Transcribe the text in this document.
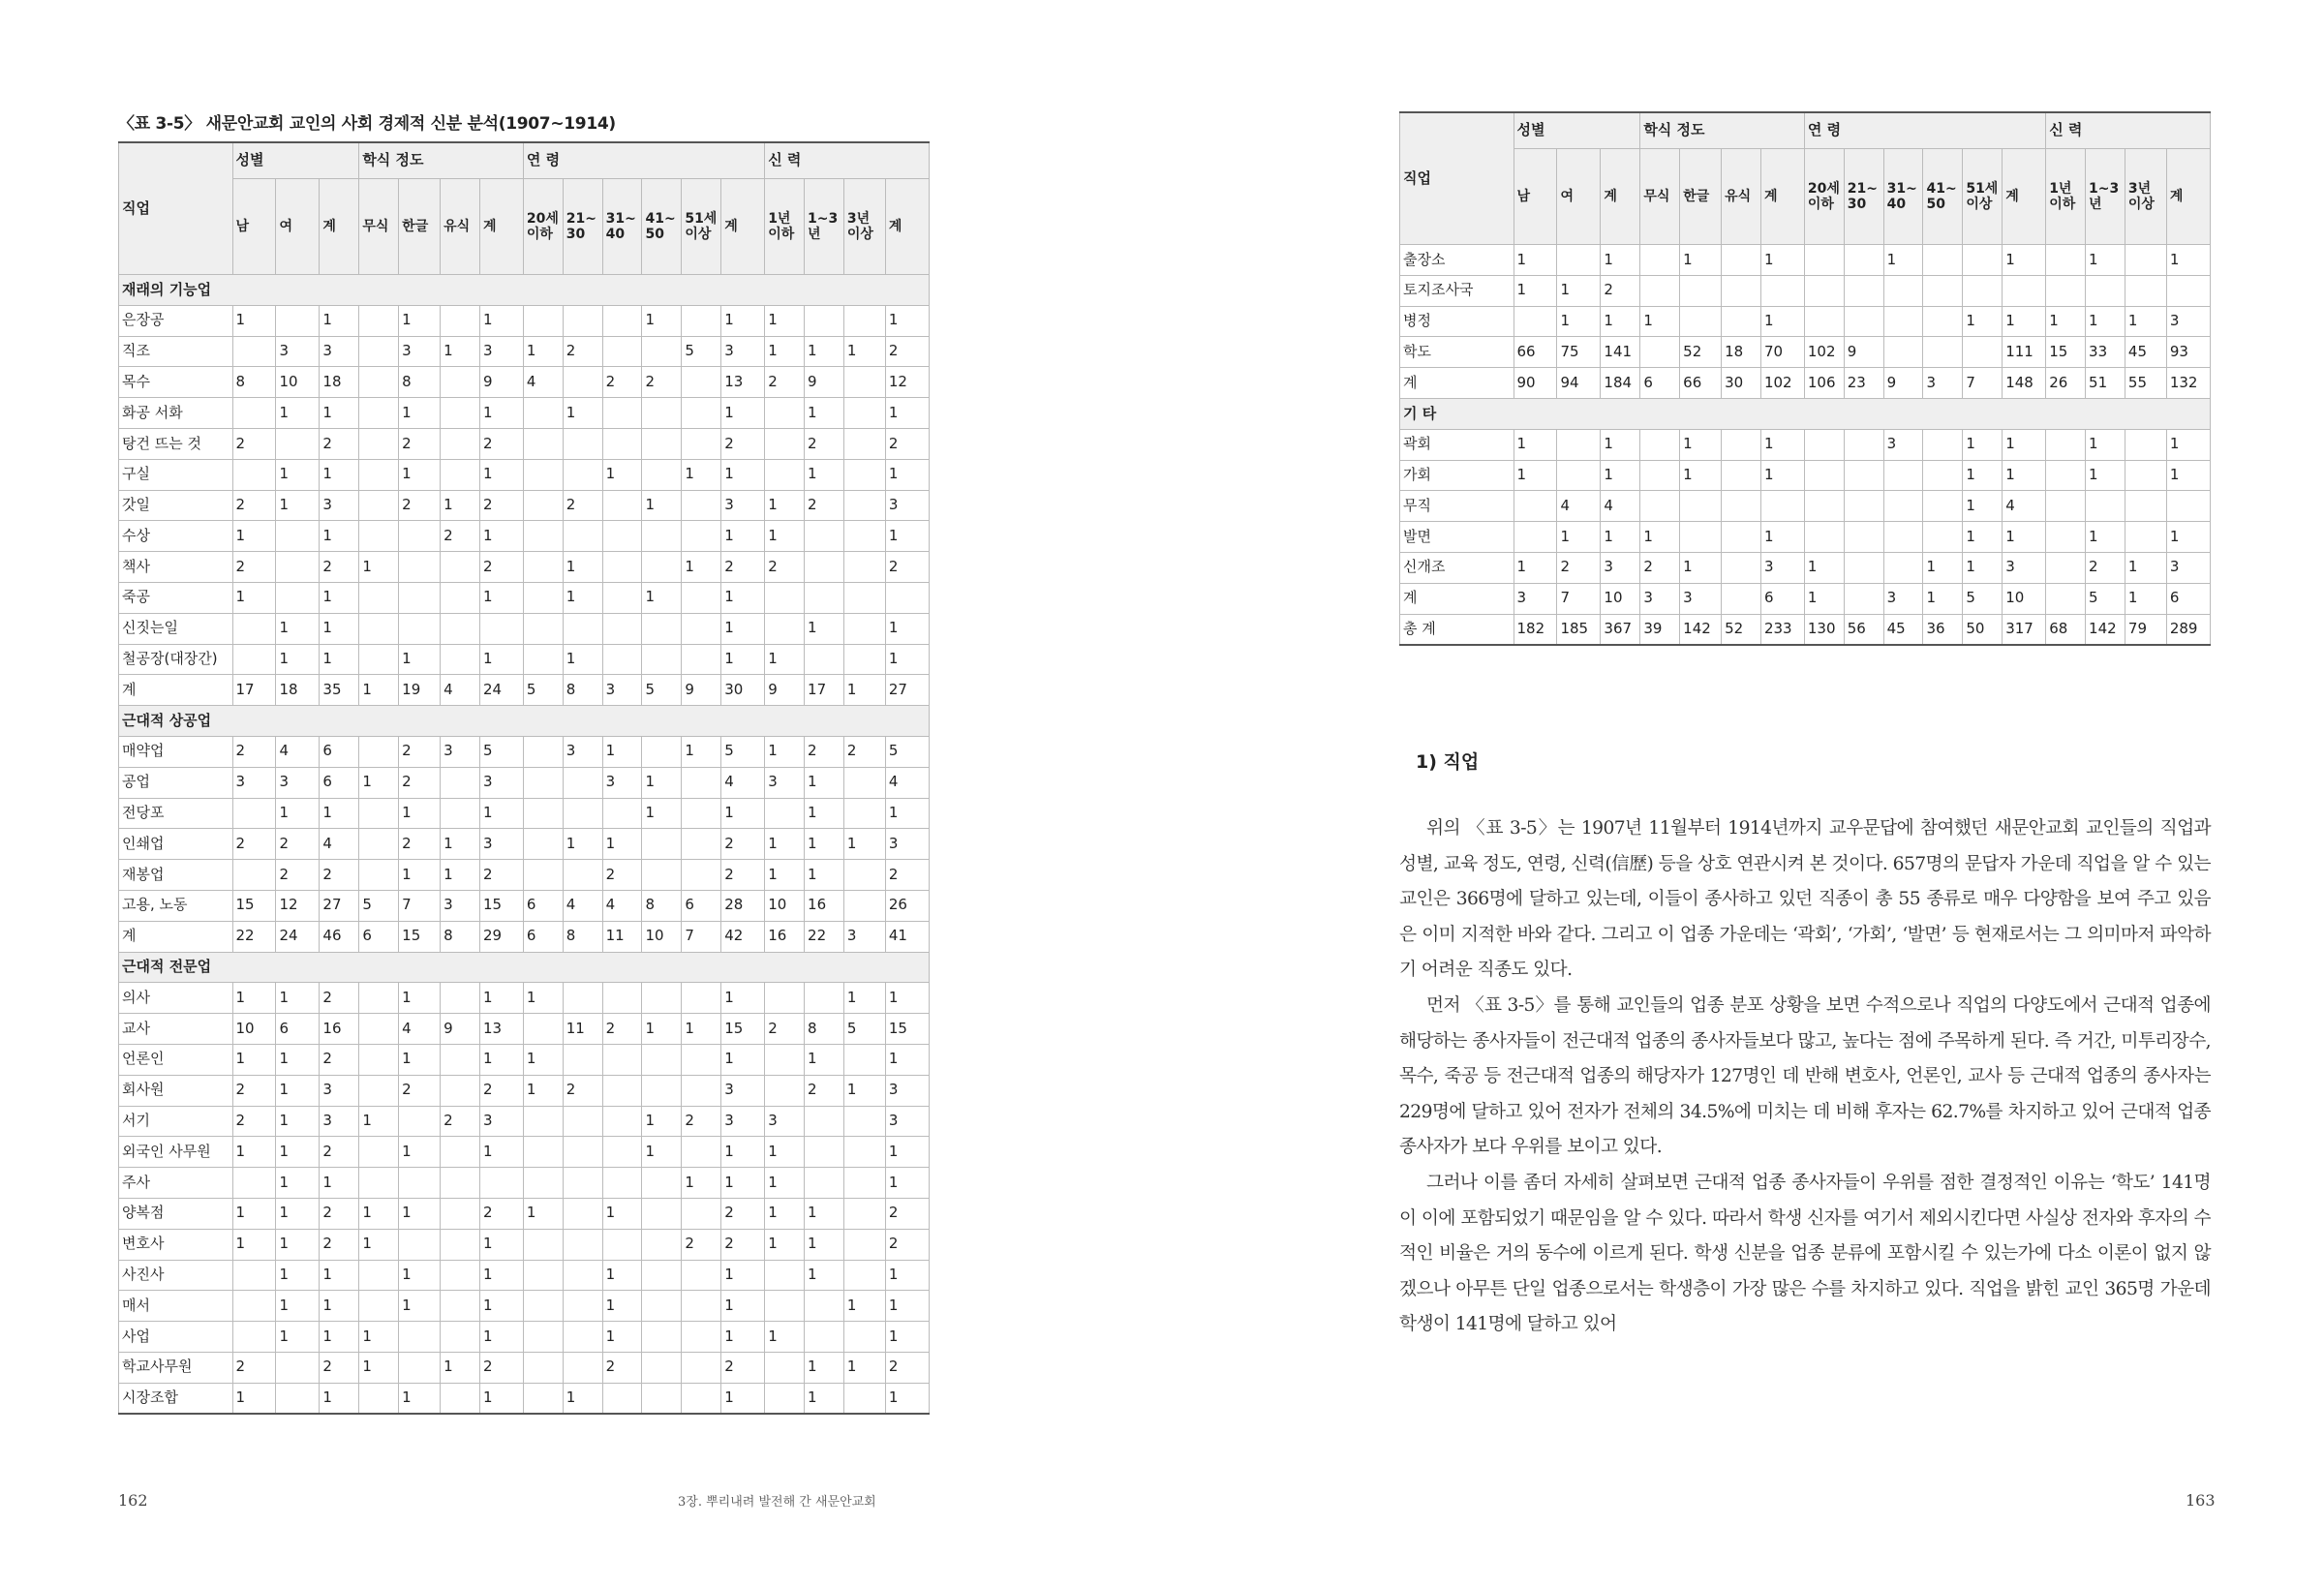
〈표 3-5〉 새문안교회 교인의 사회 경제적 신분 분석(1907~1914)
직업	성별			학식 정도				연 령						신 력			

	남	여	계	무식	한글	유식	계	20세이하	21~30	31~40	41~50	51세이상	계	1년이하	1~3년	3년이상	계

재래의 기능업																	
은장공	1		1		1		1				1		1	1			1
직조		3	3		3	1	3	1	2			5	3	1	1	1	2
목수	8	10	18		8		9	4		2	2		13	2	9		12
화공 서화		1	1		1		1		1				1		1		1
탕건 뜨는 것	2		2		2		2						2		2		2
구실		1	1		1		1			1		1	1		1		1
갓일	2	1	3		2	1	2		2		1		3	1	2		3
수상	1		1			2	1						1	1			1
책사	2		2	1			2		1			1	2	2			2
죽공	1		1				1		1		1		1				
신짓는일		1	1										1		1		1
철공장(대장간)		1	1		1		1		1				1	1			1
계	17	18	35	1	19	4	24	5	8	3	5	9	30	9	17	1	27
근대적 상공업																	
매약업	2	4	6		2	3	5		3	1		1	5	1	2	2	5
공업	3	3	6	1	2		3			3	1		4	3	1		4
전당포		1	1		1		1				1		1		1		1
인쇄업	2	2	4		2	1	3		1	1			2	1	1	1	3
재봉업		2	2		1	1	2			2			2	1	1		2
고용, 노동	15	12	27	5	7	3	15	6	4	4	8	6	28	10	16		26
계	22	24	46	6	15	8	29	6	8	11	10	7	42	16	22	3	41
근대적 전문업																	
의사	1	1	2		1		1	1					1			1	1
교사	10	6	16		4	9	13		11	2	1	1	15	2	8	5	15
언론인	1	1	2		1		1	1					1		1		1
회사원	2	1	3		2		2	1	2				3		2	1	3
서기	2	1	3	1		2	3				1	2	3	3			3
외국인 사무원	1	1	2		1		1				1		1	1			1
주사		1	1									1	1	1			1
양복점	1	1	2	1	1		2	1		1			2	1	1		2
변호사	1	1	2	1			1					2	2	1	1		2
사진사		1	1		1		1			1			1		1		1
매서		1	1		1		1			1			1			1	1
사업		1	1	1			1			1			1	1			1
학교사무원	2		2	1		1	2			2			2		1	1	2
시장조합	1		1		1		1		1				1		1		1
162	3장. 뿌리내려 발전해 간 새문안교회
직업	성별			학식 정도				연 령						신 력			

	남	여	계	무식	한글	유식	계	20세이하	21~30	31~40	41~50	51세이상	계	1년이하	1~3년	3년이상	계

출장소	1		1		1		1			1			1		1		1
토지조사국	1	1	2														
병정		1	1	1			1					1	1	1	1	1	3
학도	66	75	141		52	18	70	102	9				111	15	33	45	93
계	90	94	184	6	66	30	102	106	23	9	3	7	148	26	51	55	132
기 타																	
곽회	1		1		1		1			3		1	1		1		1
가회	1		1		1		1					1	1		1		1
무직		4	4									1	4				
발면		1	1	1			1					1	1		1		1
신개조	1	2	3	2	1		3	1			1	1	3		2	1	3
계	3	7	10	3	3		6	1		3	1	5	10		5	1	6
총 계	182	185	367	39	142	52	233	130	56	45	36	50	317	68	142	79	289
1) 직업

위의 〈표 3-5〉는 1907년 11월부터 1914년까지 교우문답에 참여했던 새문안교회 교인들의 직업과 성별, 교육 정도, 연령, 신력(信歷) 등을 상호 연관시켜 본 것이다. 657명의 문답자 가운데 직업을 알 수 있는 교인은 366명에 달하고 있는데, 이들이 종사하고 있던 직종이 총 55 종류로 매우 다양함을 보여 주고 있음은 이미 지적한 바와 같다. 그리고 이 업종 가운데는 ‘곽회’, ‘가회’, ‘발면’ 등 현재로서는 그 의미마저 파악하기 어려운 직종도 있다.

먼저 〈표 3-5〉를 통해 교인들의 업종 분포 상황을 보면 수적으로나 직업의 다양도에서 근대적 업종에 해당하는 종사자들이 전근대적 업종의 종사자들보다 많고, 높다는 점에 주목하게 된다. 즉 거간, 미투리장수, 목수, 죽공 등 전근대적 업종의 해당자가 127명인 데 반해 변호사, 언론인, 교사 등 근대적 업종의 종사자는 229명에 달하고 있어 전자가 전체의 34.5%에 미치는 데 비해 후자는 62.7%를 차지하고 있어 근대적 업종 종사자가 보다 우위를 보이고 있다.

그러나 이를 좀더 자세히 살펴보면 근대적 업종 종사자들이 우위를 점한 결정적인 이유는 ‘학도’ 141명이 이에 포함되었기 때문임을 알 수 있다. 따라서 학생 신자를 여기서 제외시킨다면 사실상 전자와 후자의 수적인 비율은 거의 동수에 이르게 된다. 학생 신분을 업종 분류에 포함시킬 수 있는가에 다소 이론이 없지 않겠으나 아무튼 단일 업종으로서는 학생층이 가장 많은 수를 차지하고 있다. 직업을 밝힌 교인 365명 가운데 학생이 141명에 달하고 있어

163
